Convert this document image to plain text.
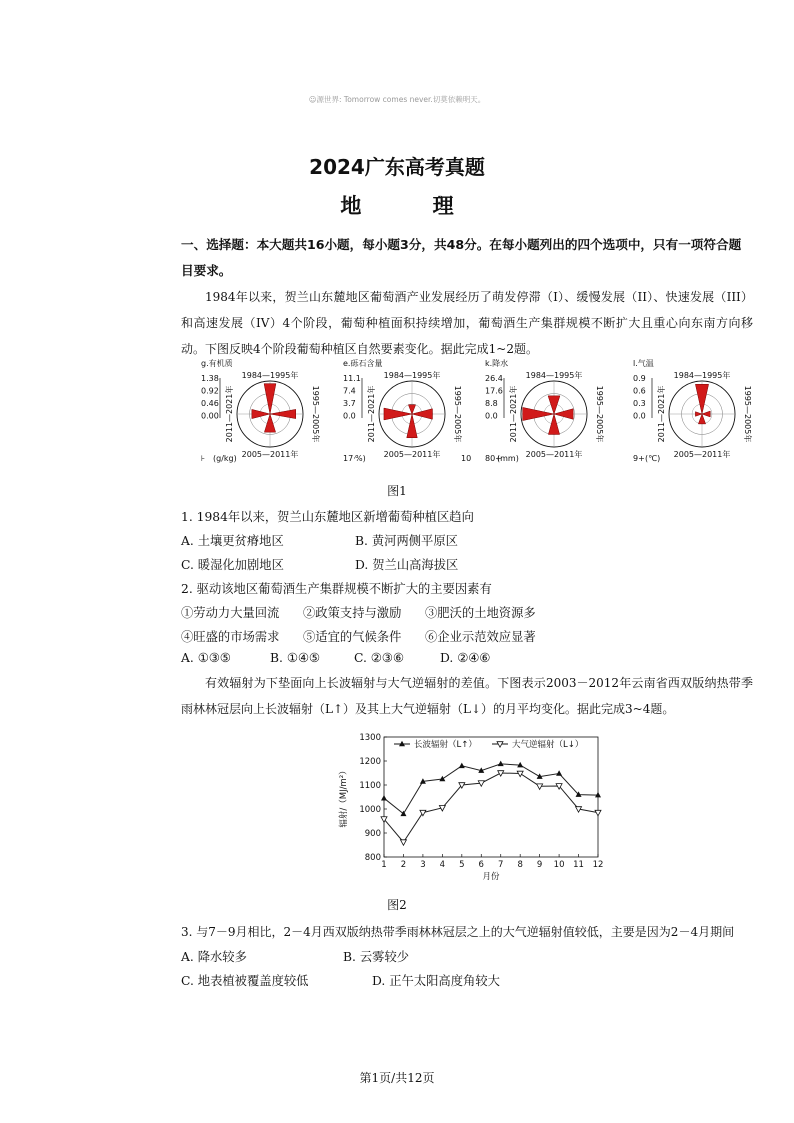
☺源世界: Tomorrow comes never.切莫依赖明天。
2024广东高考真题
地 理
一、选择题：本大题共16小题，每小题3分，共48分。在每小题列出的四个选项中，只有一项符合题目要求。
1984年以来，贺兰山东麓地区葡萄酒产业发展经历了萌发停滞（I）、缓慢发展（II）、快速发展（III）和高速发展（IV）4个阶段，葡萄种植面积持续增加，葡萄酒生产集群规模不断扩大且重心向东南方向移动。下图反映4个阶段葡萄种植区自然要素变化。据此完成1~2题。
g.有机质
1.38
0.92
0.46
0.00
1984—1995年
2005—2011年
1995—2005年
2011—2021年
⊦ (g/kg)
e.砾石含量
11.1
7.4
3.7
0.0
1984—1995年
2005—2011年
1995—2005年
2011—2021年
17· %)	10
k.降水
26.4
17.6
8.8
0.0
1984—1995年
2005—2011年
1995—2005年
2011—2021年
80+
(mm)
l.气温
0.9
0.6
0.3
0.0
1984—1995年
2005—2011年
1995—2005年
2011—2021年
9+ (℃)
图1
1. 1984年以来，贺兰山东麓地区新增葡萄种植区趋向
A. 土壤更贫瘠地区	B. 黄河两侧平原区
C. 暖湿化加剧地区	D. 贺兰山高海拔区
2. 驱动该地区葡萄酒生产集群规模不断扩大的主要因素有
①劳动力大量回流 ②政策支持与激励 ③肥沃的土地资源多
④旺盛的市场需求 ⑤适宜的气候条件 ⑥企业示范效应显著
A. ①③⑤	B. ①④⑤	C. ②③⑥	D. ②④⑥
有效辐射为下垫面向上长波辐射与大气逆辐射的差值。下图表示2003－2012年云南省西双版纳热带季雨林林冠层向上长波辐射（L↑）及其上大气逆辐射（L↓）的月平均变化。据此完成3~4题。
800
900
1000
1100
1200
1300
1 2 3 4 5 6 7 8 9 10 11 12
月份
辐射/（MJ/m²）
长波辐射（L↑）	大气逆辐射（L↓）
图2
3. 与7－9月相比，2－4月西双版纳热带季雨林林冠层之上的大气逆辐射值较低，主要是因为2－4月期间
A. 降水较多	B. 云雾较少
C. 地表植被覆盖度较低	D. 正午太阳高度角较大
第1页/共12页
